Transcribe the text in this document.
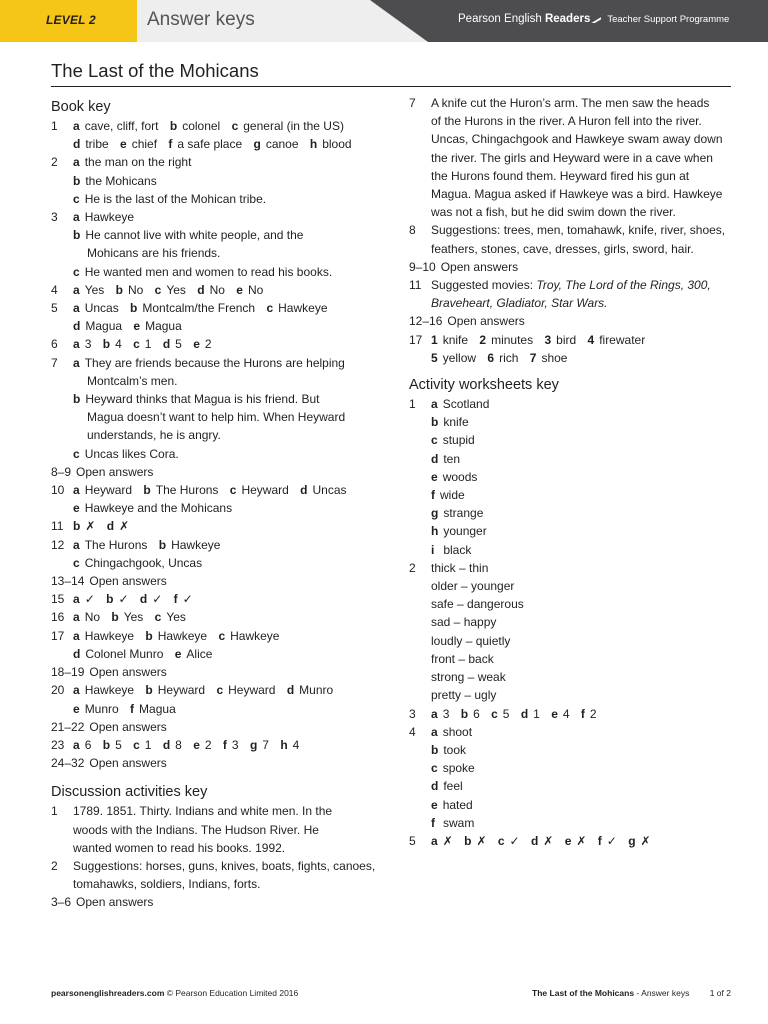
LEVEL 2	Answer keys	Pearson English Readers Teacher Support Programme
The Last of the Mohicans
Book key
1 a cave, cliff, fort b colonel c general (in the US)
d tribe e chief f a safe place g canoe h blood
2 a the man on the right
b the Mohicans
c He is the last of the Mohican tribe.
3 a Hawkeye
b He cannot live with white people, and the
Mohicans are his friends.
c He wanted men and women to read his books.
4 a Yes b No c Yes d No e No
5 a Uncas b Montcalm/the French c Hawkeye
d Magua e Magua
6 a 3 b 4 c 1 d 5 e 2
7 a They are friends because the Hurons are helping
Montcalm’s men.
b Heyward thinks that Magua is his friend. But
Magua doesn’t want to help him. When Heyward
understands, he is angry.
c Uncas likes Cora.
8–9 Open answers
10 a Heyward b The Hurons c Heyward d Uncas
e Hawkeye and the Mohicans
11 b ✗ d ✗
12 a The Hurons b Hawkeye
c Chingachgook, Uncas
13–14 Open answers
15 a ✓ b ✓ d ✓ f ✓
16 a No b Yes c Yes
17 a Hawkeye b Hawkeye c Hawkeye
d Colonel Munro e Alice
18–19 Open answers
20 a Hawkeye b Heyward c Heyward d Munro
e Munro f Magua
21–22 Open answers
23 a 6 b 5 c 1 d 8 e 2 f 3 g 7 h 4
24–32 Open answers
Discussion activities key
1 1789. 1851. Thirty. Indians and white men. In the
woods with the Indians. The Hudson River. He
wanted women to read his books. 1992.
2 Suggestions: horses, guns, knives, boats, fights, canoes,
tomahawks, soldiers, Indians, forts.
3–6 Open answers
7 A knife cut the Huron’s arm. The men saw the heads
of the Hurons in the river. A Huron fell into the river.
Uncas, Chingachgook and Hawkeye swam away down
the river. The girls and Heyward were in a cave when
the Hurons found them. Heyward fired his gun at
Magua. Magua asked if Hawkeye was a bird. Hawkeye
was not a fish, but he did swim down the river.
8 Suggestions: trees, men, tomahawk, knife, river, shoes,
feathers, stones, cave, dresses, girls, sword, hair.
9–10 Open answers
11 Suggested movies: Troy, The Lord of the Rings, 300,
Braveheart, Gladiator, Star Wars.
12–16 Open answers
17 1 knife 2 minutes 3 bird 4 firewater
5 yellow 6 rich 7 shoe
Activity worksheets key
1 a Scotland
b knife
c stupid
d ten
e woods
f wide
g strange
h younger
i black
2 thick – thin
older – younger
safe – dangerous
sad – happy
loudly – quietly
front – back
strong – weak
pretty – ugly
3 a 3 b 6 c 5 d 1 e 4 f 2
4 a shoot
b took
c spoke
d feel
e hated
f swam
5 a ✗ b ✗ c ✓ d ✗ e ✗ f ✓ g ✗
pearsonenglishreaders.com © Pearson Education Limited 2016	The Last of the Mohicans - Answer keys 1 of 2
